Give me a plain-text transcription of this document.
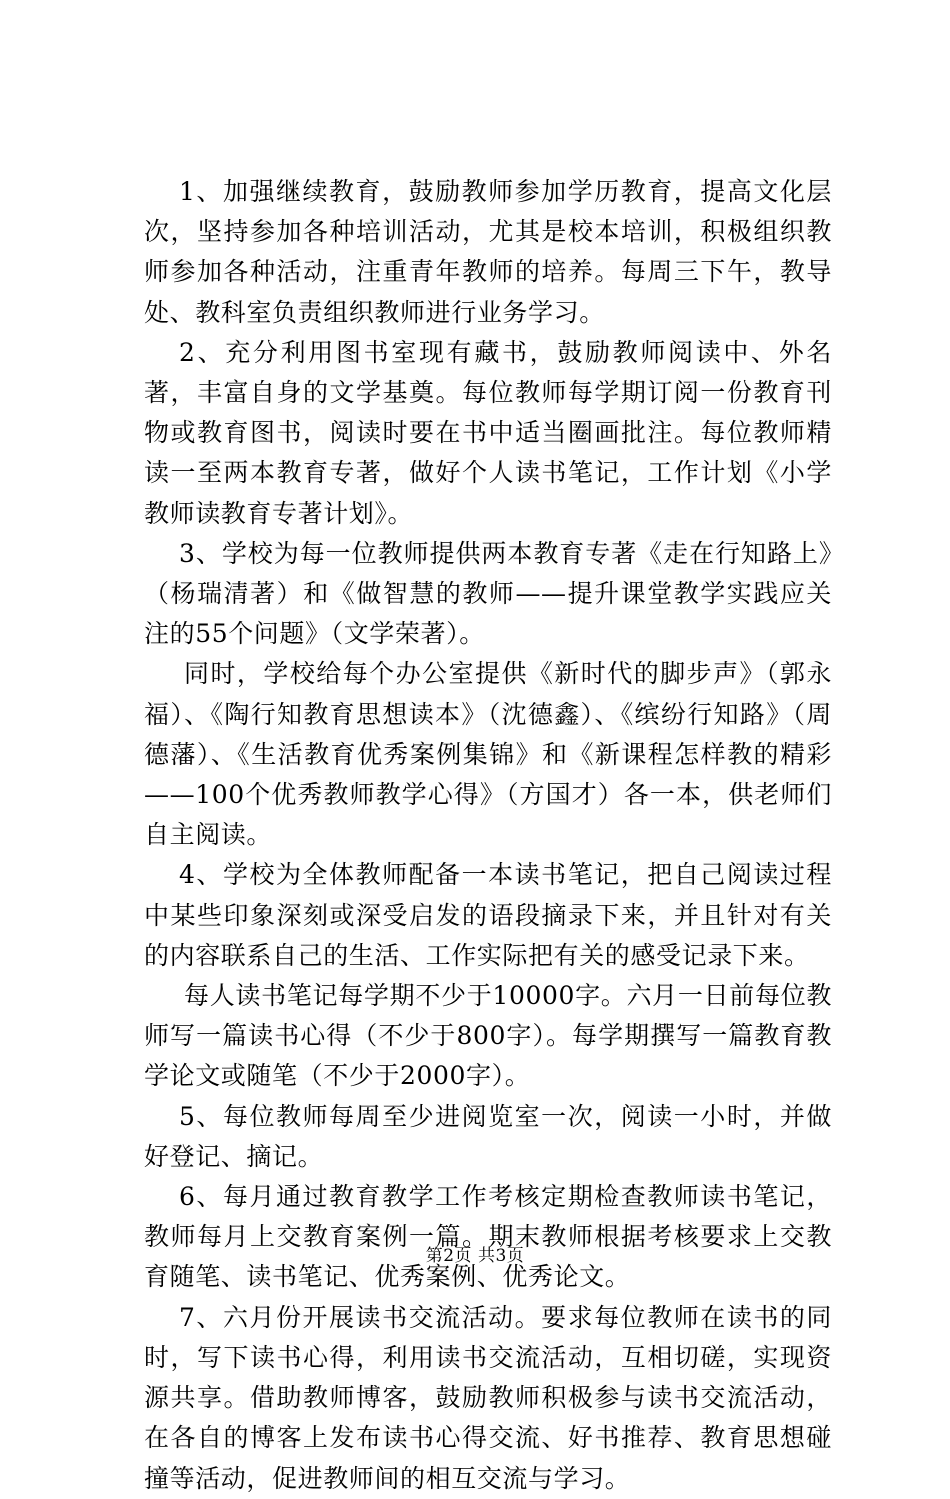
1、加强继续教育，鼓励教师参加学历教育，提高文化层次，坚持参加各种培训活动，尤其是校本培训，积极组织教师参加各种活动，注重青年教师的培养。每周三下午，教导处、教科室负责组织教师进行业务学习。

2、充分利用图书室现有藏书，鼓励教师阅读中、外名著，丰富自身的文学基奠。每位教师每学期订阅一份教育刊物或教育图书，阅读时要在书中适当圈画批注。每位教师精读一至两本教育专著，做好个人读书笔记，工作计划《小学教师读教育专著计划》。

3、学校为每一位教师提供两本教育专著《走在行知路上》（杨瑞清著）和《做智慧的教师——提升课堂教学实践应关注的55个问题》（文学荣著）。

同时，学校给每个办公室提供《新时代的脚步声》（郭永福）、《陶行知教育思想读本》（沈德鑫）、《缤纷行知路》（周德藩）、《生活教育优秀案例集锦》和《新课程怎样教的精彩——100个优秀教师教学心得》（方国才）各一本，供老师们自主阅读。

4、学校为全体教师配备一本读书笔记，把自己阅读过程中某些印象深刻或深受启发的语段摘录下来，并且针对有关的内容联系自己的生活、工作实际把有关的感受记录下来。

每人读书笔记每学期不少于10000字。六月一日前每位教师写一篇读书心得（不少于800字）。每学期撰写一篇教育教学论文或随笔（不少于2000字）。

5、每位教师每周至少进阅览室一次，阅读一小时，并做好登记、摘记。

6、每月通过教育教学工作考核定期检查教师读书笔记，教师每月上交教育案例一篇。期末教师根据考核要求上交教育随笔、读书笔记、优秀案例、优秀论文。

7、六月份开展读书交流活动。要求每位教师在读书的同时，写下读书心得，利用读书交流活动，互相切磋，实现资源共享。借助教师博客，鼓励教师积极参与读书交流活动，在各自的博客上发布读书心得交流、好书推荐、教育思想碰撞等活动，促进教师间的相互交流与学习。

第2页 共3页
